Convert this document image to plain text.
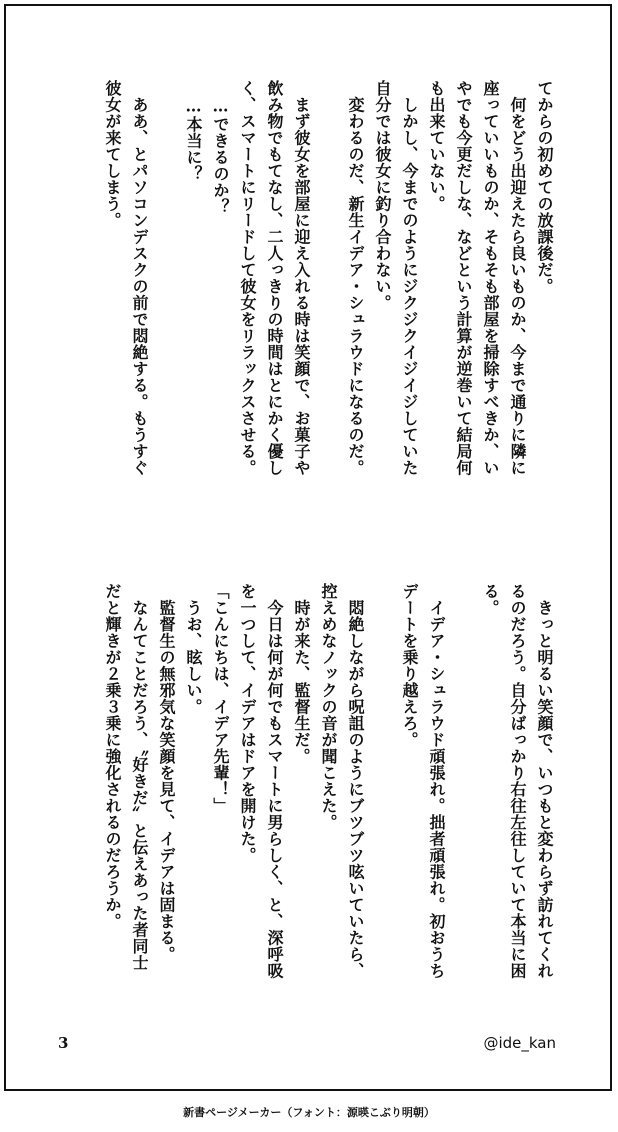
てからの初めての放課後だ。
　何をどう出迎えたら良いものか、今まで通りに隣に
座っていいものか、そもそも部屋を掃除すべきか、い
やでも今更だしな、などという計算が逆巻いて結局何
も出来ていない。
　しかし、今までのようにジクジクイジイジしていた
自分では彼女に釣り合わない。
　変わるのだ、新生イデア・シュラウドになるのだ。

　まず彼女を部屋に迎え入れる時は笑顔で、お菓子や
飲み物でもてなし、二人っきりの時間はとにかく優し
く、スマートにリードして彼女をリラックスさせる。
　…できるのか？
　…本当に？

　ああ、とパソコンデスクの前で悶絶する。もうすぐ
彼女が来てしまう。
　きっと明るい笑顔で、いつもと変わらず訪れてくれ
るのだろう。自分ばっかり右往左往していて本当に困
る。

　イデア・シュラウド頑張れ。拙者頑張れ。初おうち
デートを乗り越えろ。

　悶絶しながら呪詛のようにブツブツ呟いていたら、
控えめなノックの音が聞こえた。
　時が来た、監督生だ。
　今日は何が何でもスマートに男らしく、と、深呼吸
を一つして、イデアはドアを開けた。
「こんにちは、イデア先輩！」
　うお、眩しい。
　監督生の無邪気な笑顔を見て、イデアは固まる。
　なんてことだろう、〝好きだ〟と伝えあった者同士
だと輝きが２乗３乗に強化されるのだろうか。
3	@ide_kan
新書ページメーカー（フォント：源暎こぶり明朝）
